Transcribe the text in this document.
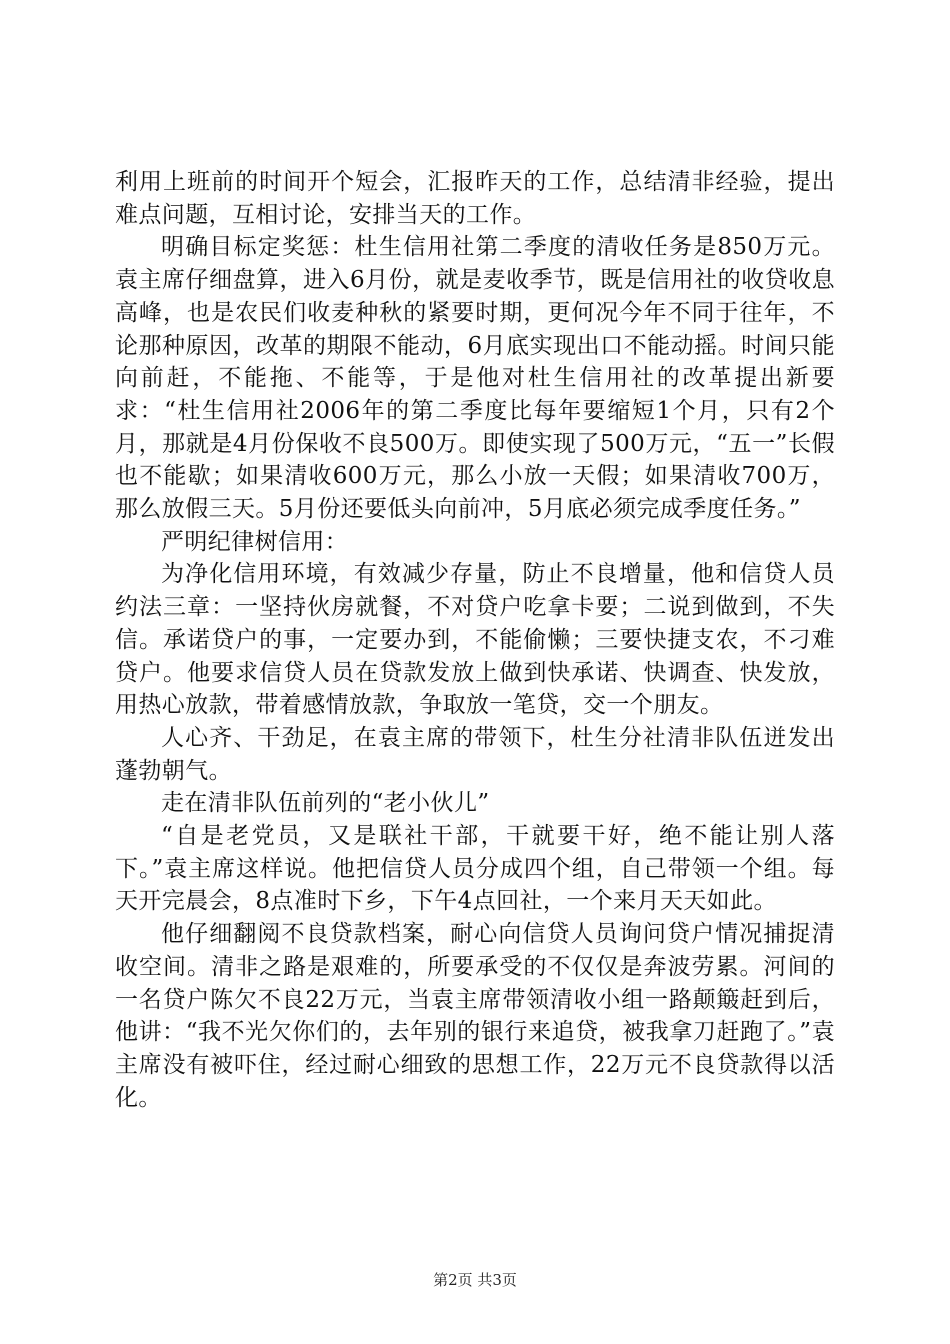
利用上班前的时间开个短会，汇报昨天的工作，总结清非经验，提出难点问题，互相讨论，安排当天的工作。

明确目标定奖惩：杜生信用社第二季度的清收任务是850万元。袁主席仔细盘算，进入6月份，就是麦收季节，既是信用社的收贷收息高峰，也是农民们收麦种秋的紧要时期，更何况今年不同于往年，不论那种原因，改革的期限不能动，6月底实现出口不能动摇。时间只能向前赶，不能拖、不能等，于是他对杜生信用社的改革提出新要求：“杜生信用社2006年的第二季度比每年要缩短1个月，只有2个月，那就是4月份保收不良500万。即使实现了500万元，“五一”长假也不能歇；如果清收600万元，那么小放一天假；如果清收700万，那么放假三天。5月份还要低头向前冲，5月底必须完成季度任务。”

严明纪律树信用：

为净化信用环境，有效减少存量，防止不良增量，他和信贷人员约法三章：一坚持伙房就餐，不对贷户吃拿卡要；二说到做到，不失信。承诺贷户的事，一定要办到，不能偷懒；三要快捷支农，不刁难贷户。他要求信贷人员在贷款发放上做到快承诺、快调查、快发放，用热心放款，带着感情放款，争取放一笔贷，交一个朋友。

人心齐、干劲足，在袁主席的带领下，杜生分社清非队伍迸发出蓬勃朝气。

走在清非队伍前列的“老小伙儿”

“自是老党员，又是联社干部，干就要干好，绝不能让别人落下。”袁主席这样说。他把信贷人员分成四个组，自己带领一个组。每天开完晨会，8点准时下乡，下午4点回社，一个来月天天如此。

他仔细翻阅不良贷款档案，耐心向信贷人员询问贷户情况捕捉清收空间。清非之路是艰难的，所要承受的不仅仅是奔波劳累。河间的一名贷户陈欠不良22万元，当袁主席带领清收小组一路颠簸赶到后，他讲：“我不光欠你们的，去年别的银行来追贷，被我拿刀赶跑了。”袁主席没有被吓住，经过耐心细致的思想工作，22万元不良贷款得以活化。

第2页 共3页
